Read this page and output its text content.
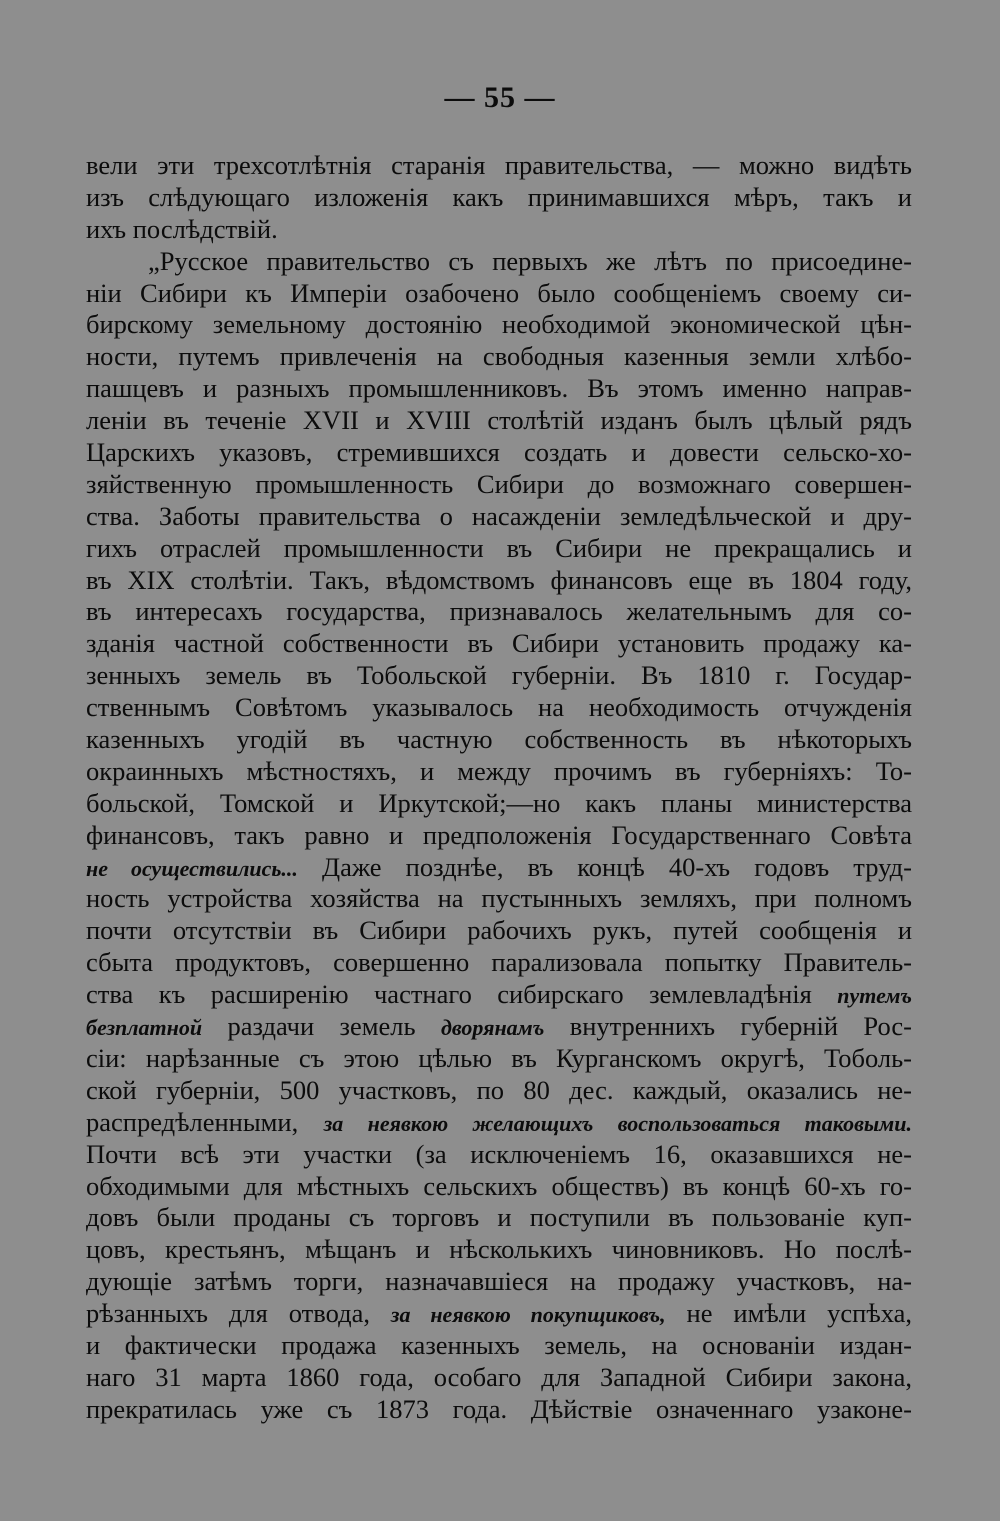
— 55 —
вели эти трехсотлѣтнія старанія правительства, — можно видѣть
изъ слѣдующаго изложенія какъ принимавшихся мѣръ, такъ и
ихъ послѣдствій.
„Русское правительство съ первыхъ же лѣтъ по присоедине-
ніи Сибири къ Имперіи озабочено было сообщеніемъ своему си-
бирскому земельному достоянію необходимой экономической цѣн-
ности, путемъ привлеченія на свободныя казенныя земли хлѣбо-
пашцевъ и разныхъ промышленниковъ. Въ этомъ именно направ-
леніи въ теченіе XVII и XVIII столѣтій изданъ былъ цѣлый рядъ
Царскихъ указовъ, стремившихся создать и довести сельско-хо-
зяйственную промышленность Сибири до возможнаго совершен-
ства. Заботы правительства о насажденіи земледѣльческой и дру-
гихъ отраслей промышленности въ Сибири не прекращались и
въ XIX столѣтіи. Такъ, вѣдомствомъ финансовъ еще въ 1804 году,
въ интересахъ государства, признавалось желательнымъ для со-
зданія частной собственности въ Сибири установить продажу ка-
зенныхъ земель въ Тобольской губерніи. Въ 1810 г. Государ-
ственнымъ Совѣтомъ указывалось на необходимость отчужденія
казенныхъ угодій въ частную собственность въ нѣкоторыхъ
окраинныхъ мѣстностяхъ, и между прочимъ въ губерніяхъ: То-
больской, Томской и Иркутской;—но какъ планы министерства
финансовъ, такъ равно и предположенія Государственнаго Совѣта
не осуществились... Даже позднѣе, въ концѣ 40-хъ годовъ труд-
ность устройства хозяйства на пустынныхъ земляхъ, при полномъ
почти отсутствіи въ Сибири рабочихъ рукъ, путей сообщенія и
сбыта продуктовъ, совершенно парализовала попытку Правитель-
ства къ расширенію частнаго сибирскаго землевладѣнія путемъ
безплатной раздачи земель дворянамъ внутреннихъ губерній Рос-
сіи: нарѣзанные съ этою цѣлью въ Курганскомъ округѣ, Тоболь-
ской губерніи, 500 участковъ, по 80 дес. каждый, оказались не-
распредѣленными, за неявкою желающихъ воспользоваться таковыми.
Почти всѣ эти участки (за исключеніемъ 16, оказавшихся не-
обходимыми для мѣстныхъ сельскихъ обществъ) въ концѣ 60-хъ го-
довъ были проданы съ торговъ и поступили въ пользованіе куп-
цовъ, крестьянъ, мѣщанъ и нѣсколькихъ чиновниковъ. Но послѣ-
дующіе затѣмъ торги, назначавшіеся на продажу участковъ, на-
рѣзанныхъ для отвода, за неявкою покупщиковъ, не имѣли успѣха,
и фактически продажа казенныхъ земель, на основаніи издан-
наго 31 марта 1860 года, особаго для Западной Сибири закона,
прекратилась уже съ 1873 года. Дѣйствіе означеннаго узаконе-
